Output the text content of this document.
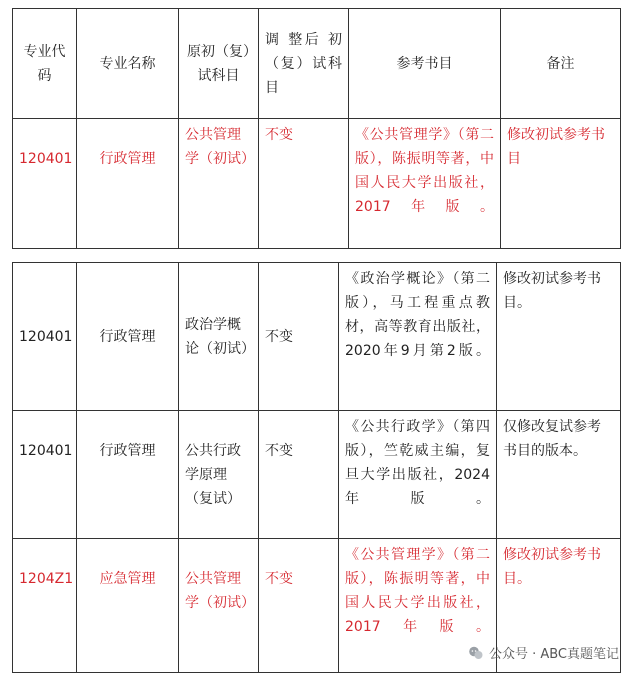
专业代码	专业名称	原初（复）试科目	调 整后 初（复）试科目	参考书目	备注
120401	行政管理	公共管理学（初试）	不变	《公共管理学》（第二版），陈振明等著，中国人民大学出版社，2017年版。	修改初试参考书目
120401	行政管理	政治学概论（初试）	不变	《政治学概论》（第二版），马工程重点教材，高等教育出版社，2020年9月第2版。	修改初试参考书目。
120401	行政管理	公共行政学原理（复试）	不变	《公共行政学》（第四版），竺乾威主编，复旦大学出版社，2024年版。	仅修改复试参考书目的版本。
1204Z1	应急管理	公共管理学（初试）	不变	《公共管理学》（第二版），陈振明等著，中国人民大学出版社，2017年版。	修改初试参考书目。
公众号 · ABC真题笔记
